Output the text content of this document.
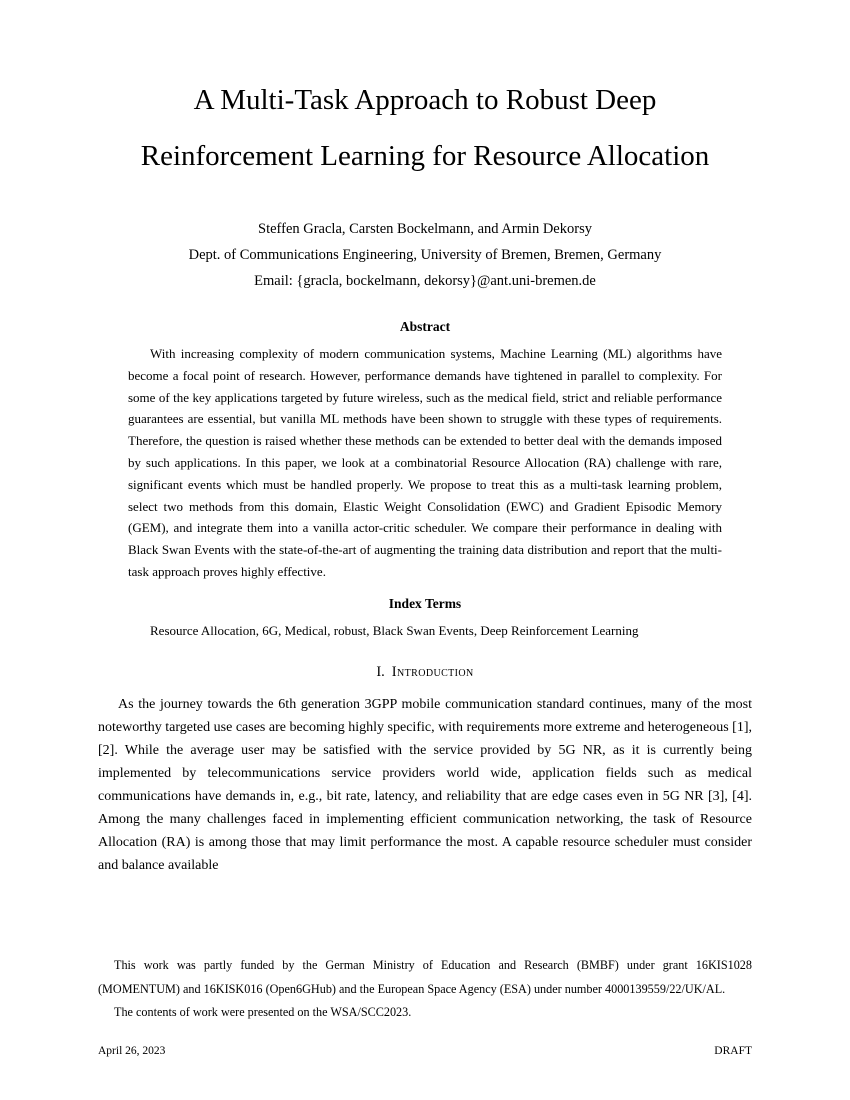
A Multi-Task Approach to Robust Deep Reinforcement Learning for Resource Allocation
Steffen Gracla, Carsten Bockelmann, and Armin Dekorsy
Dept. of Communications Engineering, University of Bremen, Bremen, Germany
Email: {gracla, bockelmann, dekorsy}@ant.uni-bremen.de
Abstract

With increasing complexity of modern communication systems, Machine Learning (ML) algorithms have become a focal point of research. However, performance demands have tightened in parallel to complexity. For some of the key applications targeted by future wireless, such as the medical field, strict and reliable performance guarantees are essential, but vanilla ML methods have been shown to struggle with these types of requirements. Therefore, the question is raised whether these methods can be extended to better deal with the demands imposed by such applications. In this paper, we look at a combinatorial Resource Allocation (RA) challenge with rare, significant events which must be handled properly. We propose to treat this as a multi-task learning problem, select two methods from this domain, Elastic Weight Consolidation (EWC) and Gradient Episodic Memory (GEM), and integrate them into a vanilla actor-critic scheduler. We compare their performance in dealing with Black Swan Events with the state-of-the-art of augmenting the training data distribution and report that the multi-task approach proves highly effective.

Index Terms

Resource Allocation, 6G, Medical, robust, Black Swan Events, Deep Reinforcement Learning

I. Introduction

As the journey towards the 6th generation 3GPP mobile communication standard continues, many of the most noteworthy targeted use cases are becoming highly specific, with requirements more extreme and heterogeneous [1], [2]. While the average user may be satisfied with the service provided by 5G NR, as it is currently being implemented by telecommunications service providers world wide, application fields such as medical communications have demands in, e.g., bit rate, latency, and reliability that are edge cases even in 5G NR [3], [4]. Among the many challenges faced in implementing efficient communication networking, the task of Resource Allocation (RA) is among those that may limit performance the most. A capable resource scheduler must consider and balance available

This work was partly funded by the German Ministry of Education and Research (BMBF) under grant 16KIS1028 (MOMENTUM) and 16KISK016 (Open6GHub) and the European Space Agency (ESA) under number 4000139559/22/UK/AL.

The contents of work were presented on the WSA/SCC2023.

April 26, 2023	DRAFT
